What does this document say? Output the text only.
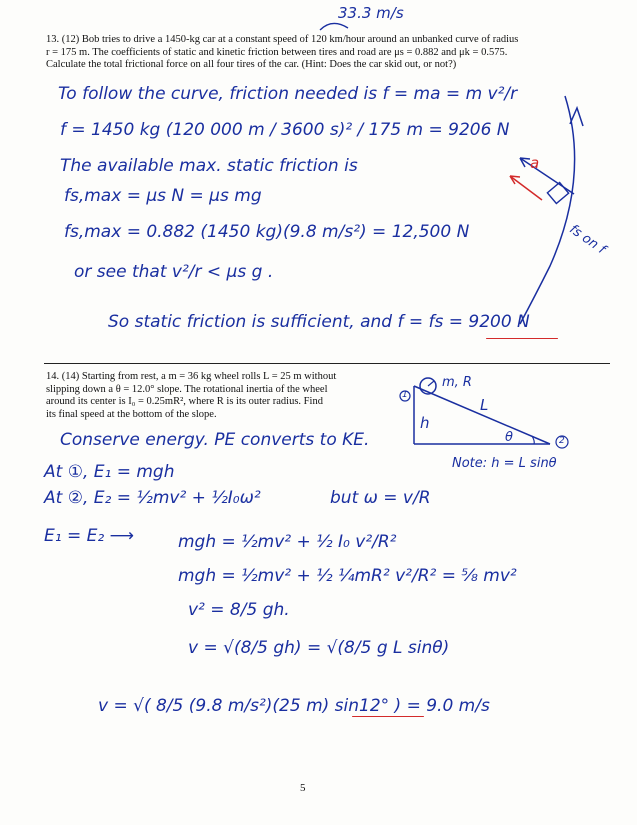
33.3 m/s
13. (12) Bob tries to drive a 1450-kg car at a constant speed of 120 km/hour around an unbanked curve of radius
r = 175 m. The coefficients of static and kinetic friction between tires and road are μs = 0.882 and μk = 0.575.
Calculate the total frictional force on all four tires of the car. (Hint: Does the car skid out, or not?)
To follow the curve, friction needed is f = ma = m v²/r
f = 1450 kg (120 000 m / 3600 s)² / 175 m = 9206 N
The available max. static friction is
fs,max = μs N = μs mg
fs,max = 0.882 (1450 kg)(9.8 m/s²) = 12,500 N
or see that v²/r < μs g .
So static friction is sufficient, and f = fs = 9200 N
a
fs on f
14. (14) Starting from rest, a m = 36 kg wheel rolls L = 25 m without
slipping down a θ = 12.0° slope. The rotational inertia of the wheel
around its center is I₀ = 0.25mR², where R is its outer radius. Find
its final speed at the bottom of the slope.
m, R
1
2
h
L
θ
Note: h = L sinθ
Conserve energy. PE converts to KE.
At ①, E₁ = mgh
At ②, E₂ = ½mv² + ½I₀ω²	but ω = v/R
E₁ = E₂ ⟶	mgh = ½mv² + ½ I₀ v²/R²
mgh = ½mv² + ½ ¼mR² v²/R² = ⅝ mv²
v² = 8/5 gh.
v = √(8/5 gh) = √(8/5 g L sinθ)
v = √( 8/5 (9.8 m/s²)(25 m) sin12° ) = 9.0 m/s
5
